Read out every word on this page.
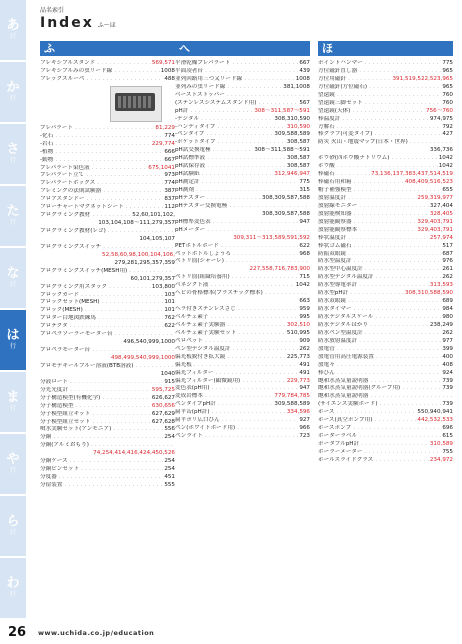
あ
行
か
行
さ
行
た
行
な
行
は
行
ま
行
や
行
ら
行
わ
行
品名索引
Index ふ～ほ
ふ
フレキシブルスタンド ・・・・・・・・・・・・・・・・・・・・・・・・・・・・・・・・・・・・・・・・・・・・	569,571
フレキシブルみの虫リード線 ・・・・・・・・・・・・・・・・・・・・・・・・・・・・・・・・・・・・・・・・・・・・	1008
フレックスルーペ ・・・・・・・・・・・・・・・・・・・・・・・・・・・・・・・・・・・・・・・・・・・・	488
プレパラート ・・・・・・・・・・・・・・・・・・・・・・・・・・・・・・・・・・・・・・・・・・・・	81,229
-化石 ・・・・・・・・・・・・・・・・・・・・・・・・・・・・・・・・・・・・・・・・・・・・	774
-岩石 ・・・・・・・・・・・・・・・・・・・・・・・・・・・・・・・・・・・・・・・・・・・・	229,774
-植物 ・・・・・・・・・・・・・・・・・・・・・・・・・・・・・・・・・・・・・・・・・・・・	666
-動物 ・・・・・・・・・・・・・・・・・・・・・・・・・・・・・・・・・・・・・・・・・・・・	667
プレパラート染色液 ・・・・・・・・・・・・・・・・・・・・・・・・・・・・・・・・・・・・・・・・・・・・	675,1041
プレパラート立て ・・・・・・・・・・・・・・・・・・・・・・・・・・・・・・・・・・・・・・・・・・・・	973
プレパラートボックス ・・・・・・・・・・・・・・・・・・・・・・・・・・・・・・・・・・・・・・・・・・・・	774
フレミングの法則試験器 ・・・・・・・・・・・・・・・・・・・・・・・・・・・・・・・・・・・・・・・・・・・・	387
フロアスタンドー ・・・・・・・・・・・・・・・・・・・・・・・・・・・・・・・・・・・・・・・・・・・・	837
フローチャートマグネットシート ・・・・・・・・・・・・・・・・・・・・・・・・・・・・・・・・・・・・・・・・・・・・	112
プログラミング教材 ・・・・・・・・・・・・・・・・・・・・・・・・・・・・・・・・・・・・・・・・・・・・	52,60,101,102,
103,104,108〜111,279,357
プログラミング教材(レゴ)
・・・・・・・・・・・・・・・・・・・・・・・・・・・・・・・・・・・・・・・・・・・・
104,105,107
プログラミングスイッチ
・・・・・・・・・・・・・・・・・・・・・・・・・・・・・・・・・・・・・・・・・・・・
52,58,60,98,100,104,106,
279,281,295,357,359
プログラミングスイッチ(MESH用)
・・・・・・・・・・・・・・・・・・・・・・・・・・・・・・・・・・・・・・・・・・・・
60,101,279,357
プログラミング用スタック ・・・・・・・・・・・・・・・・・・・・・・・・・・・・・・・・・・・・・・・・・・・・	103,800
プロックカード ・・・・・・・・・・・・・・・・・・・・・・・・・・・・・・・・・・・・・・・・・・・・	103
プロックセット(MESH) ・・・・・・・・・・・・・・・・・・・・・・・・・・・・・・・・・・・・・・・・・・・・	101
プロック(MESH) ・・・・・・・・・・・・・・・・・・・・・・・・・・・・・・・・・・・・・・・・・・・・	101
プロター白地図鉄練馬 ・・・・・・・・・・・・・・・・・・・・・・・・・・・・・・・・・・・・・・・・・・・・	762
プロテクタ ・・・・・・・・・・・・・・・・・・・・・・・・・・・・・・・・・・・・・・・・・・・・	622
プロペラソーラーモーター台
・・・・・・・・・・・・・・・・・・・・・・・・・・・・・・・・・・・・・・・・・・・・
496,540,999,1000
プロペラモーター台
・・・・・・・・・・・・・・・・・・・・・・・・・・・・・・・・・・・・・・・・・・・・
498,499,540,999,1000
プロモデキールブルー溶液(BTB溶液)
・・・・・・・・・・・・・・・・・・・・・・・・・・・・・・・・・・・・・・・・・・・・
1040
分液ロート ・・・・・・・・・・・・・・・・・・・・・・・・・・・・・・・・・・・・・・・・・・・・	915
分光光度計 ・・・・・・・・・・・・・・・・・・・・・・・・・・・・・・・・・・・・・・・・・・・・	595,725
分子構造模型(有機化学) ・・・・・・・・・・・・・・・・・・・・・・・・・・・・・・・・・・・・・・・・・・・・	626,627
分子構造模型 ・・・・・・・・・・・・・・・・・・・・・・・・・・・・・・・・・・・・・・・・・・・・	630,656
分子模型組立キット ・・・・・・・・・・・・・・・・・・・・・・・・・・・・・・・・・・・・・・・・・・・・	627,629
分子模型組立セット ・・・・・・・・・・・・・・・・・・・・・・・・・・・・・・・・・・・・・・・・・・・・	627,628
噴水実験セット(アンモニア) ・・・・・・・・・・・・・・・・・・・・・・・・・・・・・・・・・・・・・・・・・・・・	556
分銅 ・・・・・・・・・・・・・・・・・・・・・・・・・・・・・・・・・・・・・・・・・・・・	254
分銅(アルミおもり)
・・・・・・・・・・・・・・・・・・・・・・・・・・・・・・・・・・・・・・・・・・・・
74,254,414,416,424,450,526
分銅ケース ・・・・・・・・・・・・・・・・・・・・・・・・・・・・・・・・・・・・・・・・・・・・	254
分銅ピンセット ・・・・・・・・・・・・・・・・・・・・・・・・・・・・・・・・・・・・・・・・・・・・	254
分度器 ・・・・・・・・・・・・・・・・・・・・・・・・・・・・・・・・・・・・・・・・・・・・	451
分留装置 ・・・・・・・・・・・・・・・・・・・・・・・・・・・・・・・・・・・・・・・・・・・・	555
へ
平滑乾燥プレパラート ・・・・・・・・・・・・・・・・・・・・・・・・・・・・・・・・・・・・・・・・・・・・	667
平面凌者台 ・・・・・・・・・・・・・・・・・・・・・・・・・・・・・・・・・・・・・・・・・・・・	439
並列回路用三つ又リード線 ・・・・・・・・・・・・・・・・・・・・・・・・・・・・・・・・・・・・・・・・・・・・	1008
並列みの虫リード線 ・・・・・・・・・・・・・・・・・・・・・・・・・・・・・・・・・・・・・・・・・・・・	381,1008
ベーストストッパー
・・・・・・・・・・・・・・・・・・・・・・・・・・・・・・・・・・・・・・・・・・・・
(ステンレスシステムスタンド用) ・・・・・・・・・・・・・・・・・・・・・・・・・・・・・・・・・・・・・・・・・・・・	567
pH計 ・・・・・・・・・・・・・・・・・・・・・・・・・・・・・・・・・・・・・・・・・・・・	308〜311,587〜591
-デジタル ・・・・・・・・・・・・・・・・・・・・・・・・・・・・・・・・・・・・・・・・・・・・	308,310,590
-ハンディタイプ ・・・・・・・・・・・・・・・・・・・・・・・・・・・・・・・・・・・・・・・・・・・・	310,590
-ペンタイプ ・・・・・・・・・・・・・・・・・・・・・・・・・・・・・・・・・・・・・・・・・・・・	309,588,589
-ポケットタイプ ・・・・・・・・・・・・・・・・・・・・・・・・・・・・・・・・・・・・・・・・・・・・	308,587
pH試交換電極 ・・・・・・・・・・・・・・・・・・・・・・・・・・・・・・・・・・・・・・・・・・・・	308〜311,588〜591
pH試標準液 ・・・・・・・・・・・・・・・・・・・・・・・・・・・・・・・・・・・・・・・・・・・・	308,587
pH試保存液 ・・・・・・・・・・・・・・・・・・・・・・・・・・・・・・・・・・・・・・・・・・・・	308,587
pH試験紙 ・・・・・・・・・・・・・・・・・・・・・・・・・・・・・・・・・・・・・・・・・・・・	312,946,947
pH測定計 ・・・・・・・・・・・・・・・・・・・・・・・・・・・・・・・・・・・・・・・・・・・・	775
pH測剤 ・・・・・・・・・・・・・・・・・・・・・・・・・・・・・・・・・・・・・・・・・・・・	315
pHテスター ・・・・・・・・・・・・・・・・・・・・・・・・・・・・・・・・・・・・・・・・・・・・	308,309,587,588
pHテスター交換電極
・・・・・・・・・・・・・・・・・・・・・・・・・・・・・・・・・・・・・・・・・・・・
308,309,587,588
pH標準変色表 ・・・・・・・・・・・・・・・・・・・・・・・・・・・・・・・・・・・・・・・・・・・・	947
pHメーター
・・・・・・・・・・・・・・・・・・・・・・・・・・・・・・・・・・・・・・・・・・・・
309,311〜313,589,591,592
PETボトルボード ・・・・・・・・・・・・・・・・・・・・・・・・・・・・・・・・・・・・・・・・・・・・	622
ペットボトルしょうろ ・・・・・・・・・・・・・・・・・・・・・・・・・・・・・・・・・・・・・・・・・・・・	968
ペトリ皿(シャーレ)
・・・・・・・・・・・・・・・・・・・・・・・・・・・・・・・・・・・・・・・・・・・・
227,558,716,783,900
ペトリ皿(組織培養用) ・・・・・・・・・・・・・・・・・・・・・・・・・・・・・・・・・・・・・・・・・・・・	715
ベネジクト液 ・・・・・・・・・・・・・・・・・・・・・・・・・・・・・・・・・・・・・・・・・・・・	1042
ヘビの骨格標本(プラスチック標本)
・・・・・・・・・・・・・・・・・・・・・・・・・・・・・・・・・・・・・・・・・・・・
663
ヘラ付きステンレスさじ ・・・・・・・・・・・・・・・・・・・・・・・・・・・・・・・・・・・・・・・・・・・・	959
ベルチェ素子 ・・・・・・・・・・・・・・・・・・・・・・・・・・・・・・・・・・・・・・・・・・・・	995
ベルチェ素子実験器 ・・・・・・・・・・・・・・・・・・・・・・・・・・・・・・・・・・・・・・・・・・・・	302,510
ベルチェ素子実験セット ・・・・・・・・・・・・・・・・・・・・・・・・・・・・・・・・・・・・・・・・・・・・	510,995
ペロペット ・・・・・・・・・・・・・・・・・・・・・・・・・・・・・・・・・・・・・・・・・・・・	909
ペン型デジタル温度計 ・・・・・・・・・・・・・・・・・・・・・・・・・・・・・・・・・・・・・・・・・・・・	262
偏光板鋭付き拡大鏡 ・・・・・・・・・・・・・・・・・・・・・・・・・・・・・・・・・・・・・・・・・・・・	225,773
偏光板 ・・・・・・・・・・・・・・・・・・・・・・・・・・・・・・・・・・・・・・・・・・・・	491
偏光フィルター ・・・・・・・・・・・・・・・・・・・・・・・・・・・・・・・・・・・・・・・・・・・・	491
偏光フィルター(顕微鏡用) ・・・・・・・・・・・・・・・・・・・・・・・・・・・・・・・・・・・・・・・・・・・・	229,773
変色表(pH用) ・・・・・・・・・・・・・・・・・・・・・・・・・・・・・・・・・・・・・・・・・・・・	947
変成岩標本 ・・・・・・・・・・・・・・・・・・・・・・・・・・・・・・・・・・・・・・・・・・・・	779,784,785
ペンタイプpH計 ・・・・・・・・・・・・・・・・・・・・・・・・・・・・・・・・・・・・・・・・・・・・	309,588,589
扁平缶(pH計) ・・・・・・・・・・・・・・・・・・・・・・・・・・・・・・・・・・・・・・・・・・・・	334,596
扁平ポリ広口びん ・・・・・・・・・・・・・・・・・・・・・・・・・・・・・・・・・・・・・・・・・・・・	927
ペン(ホワイトボード用) ・・・・・・・・・・・・・・・・・・・・・・・・・・・・・・・・・・・・・・・・・・・・	966
ペンライト ・・・・・・・・・・・・・・・・・・・・・・・・・・・・・・・・・・・・・・・・・・・・	723
ほ
ポイントハンマー ・・・・・・・・・・・・・・・・・・・・・・・・・・・・・・・・・・・・・・・・・・・・	775
方位磁針直し器 ・・・・・・・・・・・・・・・・・・・・・・・・・・・・・・・・・・・・・・・・・・・・	965
方位用磁針 ・・・・・・・・・・・・・・・・・・・・・・・・・・・・・・・・・・・・・・・・・・・・	391,519,522,523,965
方位磁針(方位磁石) ・・・・・・・・・・・・・・・・・・・・・・・・・・・・・・・・・・・・・・・・・・・・	965
望遠鏡 ・・・・・・・・・・・・・・・・・・・・・・・・・・・・・・・・・・・・・・・・・・・・	760
望遠鏡三脚セット ・・・・・・・・・・・・・・・・・・・・・・・・・・・・・・・・・・・・・・・・・・・・	760
望遠鏡(天体) ・・・・・・・・・・・・・・・・・・・・・・・・・・・・・・・・・・・・・・・・・・・・	756〜760
棒温度計 ・・・・・・・・・・・・・・・・・・・・・・・・・・・・・・・・・・・・・・・・・・・・	974,975
方解石 ・・・・・・・・・・・・・・・・・・・・・・・・・・・・・・・・・・・・・・・・・・・・	792
棒グラフ(可変タイプ) ・・・・・・・・・・・・・・・・・・・・・・・・・・・・・・・・・・・・・・・・・・・・	427
防災 火山・地震マップ(日本・世界)
・・・・・・・・・・・・・・・・・・・・・・・・・・・・・・・・・・・・・・・・・・・・
336,736
ホウ砂(四ホウ酸ナトリウム) ・・・・・・・・・・・・・・・・・・・・・・・・・・・・・・・・・・・・・・・・・・・・	1042
ホウ酸 ・・・・・・・・・・・・・・・・・・・・・・・・・・・・・・・・・・・・・・・・・・・・	1042
棒磁石 ・・・・・・・・・・・・・・・・・・・・・・・・・・・・・・・・・・・・・・・・・・・・	73,136,137,383,437,514,519
棒磁石用和箱 ・・・・・・・・・・・・・・・・・・・・・・・・・・・・・・・・・・・・・・・・・・・・	408,409,516,523
帽子補強模型 ・・・・・・・・・・・・・・・・・・・・・・・・・・・・・・・・・・・・・・・・・・・・	655
放射温度計 ・・・・・・・・・・・・・・・・・・・・・・・・・・・・・・・・・・・・・・・・・・・・	259,319,977
放射線モニター ・・・・・・・・・・・・・・・・・・・・・・・・・・・・・・・・・・・・・・・・・・・・	327,404
放射能検知器 ・・・・・・・・・・・・・・・・・・・・・・・・・・・・・・・・・・・・・・・・・・・・	328,405
放射能観察器 ・・・・・・・・・・・・・・・・・・・・・・・・・・・・・・・・・・・・・・・・・・・・	329,403,791
放射能観察標本 ・・・・・・・・・・・・・・・・・・・・・・・・・・・・・・・・・・・・・・・・・・・・	329,403,791
棒状温度計 ・・・・・・・・・・・・・・・・・・・・・・・・・・・・・・・・・・・・・・・・・・・・	257,974
棒状ゴム磁石 ・・・・・・・・・・・・・・・・・・・・・・・・・・・・・・・・・・・・・・・・・・・・	517
防振双眼鏡 ・・・・・・・・・・・・・・・・・・・・・・・・・・・・・・・・・・・・・・・・・・・・	687
防水型温度計 ・・・・・・・・・・・・・・・・・・・・・・・・・・・・・・・・・・・・・・・・・・・・	976
防水型中心温度計 ・・・・・・・・・・・・・・・・・・・・・・・・・・・・・・・・・・・・・・・・・・・・	261
防水型デジタル温度計 ・・・・・・・・・・・・・・・・・・・・・・・・・・・・・・・・・・・・・・・・・・・・	262
防水型導電率計 ・・・・・・・・・・・・・・・・・・・・・・・・・・・・・・・・・・・・・・・・・・・・	313,593
防水型pH計 ・・・・・・・・・・・・・・・・・・・・・・・・・・・・・・・・・・・・・・・・・・・・	308,310,588,590
防水双眼鏡 ・・・・・・・・・・・・・・・・・・・・・・・・・・・・・・・・・・・・・・・・・・・・	689
防水タイマー ・・・・・・・・・・・・・・・・・・・・・・・・・・・・・・・・・・・・・・・・・・・・	984
防水デジタルスケール ・・・・・・・・・・・・・・・・・・・・・・・・・・・・・・・・・・・・・・・・・・・・	980
防水デジタルはかり ・・・・・・・・・・・・・・・・・・・・・・・・・・・・・・・・・・・・・・・・・・・・	238,249
防水ペン型温度計 ・・・・・・・・・・・・・・・・・・・・・・・・・・・・・・・・・・・・・・・・・・・・	262
防水放射温度計 ・・・・・・・・・・・・・・・・・・・・・・・・・・・・・・・・・・・・・・・・・・・・	977
放電管 ・・・・・・・・・・・・・・・・・・・・・・・・・・・・・・・・・・・・・・・・・・・・	399
放電管用高圧電源装置 ・・・・・・・・・・・・・・・・・・・・・・・・・・・・・・・・・・・・・・・・・・・・	400
放電々 ・・・・・・・・・・・・・・・・・・・・・・・・・・・・・・・・・・・・・・・・・・・・	408
棒ひん ・・・・・・・・・・・・・・・・・・・・・・・・・・・・・・・・・・・・・・・・・・・・	924
飽和水蒸気量説明器 ・・・・・・・・・・・・・・・・・・・・・・・・・・・・・・・・・・・・・・・・・・・・	739
飽和水蒸気量説明器(グループ用) ・・・・・・・・・・・・・・・・・・・・・・・・・・・・・・・・・・・・・・・・・・・・	739
飽和水蒸気量説明器
・・・・・・・・・・・・・・・・・・・・・・・・・・・・・・・・・・・・・・・・・・・・
(サイエンス実験ボード) ・・・・・・・・・・・・・・・・・・・・・・・・・・・・・・・・・・・・・・・・・・・・	739
ホース ・・・・・・・・・・・・・・・・・・・・・・・・・・・・・・・・・・・・・・・・・・・・	550,940,941
ホース(真空ポンプ用) ・・・・・・・・・・・・・・・・・・・・・・・・・・・・・・・・・・・・・・・・・・・・	442,532,533
ホースポンプ ・・・・・・・・・・・・・・・・・・・・・・・・・・・・・・・・・・・・・・・・・・・・	696
ボーダーラベル ・・・・・・・・・・・・・・・・・・・・・・・・・・・・・・・・・・・・・・・・・・・・	615
ポータブルpH計 ・・・・・・・・・・・・・・・・・・・・・・・・・・・・・・・・・・・・・・・・・・・・	310,589
ボーラーメーター ・・・・・・・・・・・・・・・・・・・・・・・・・・・・・・・・・・・・・・・・・・・・	755
ホールスライドグラス ・・・・・・・・・・・・・・・・・・・・・・・・・・・・・・・・・・・・・・・・・・・・	234,972
26 www.uchida.co.jp/education
